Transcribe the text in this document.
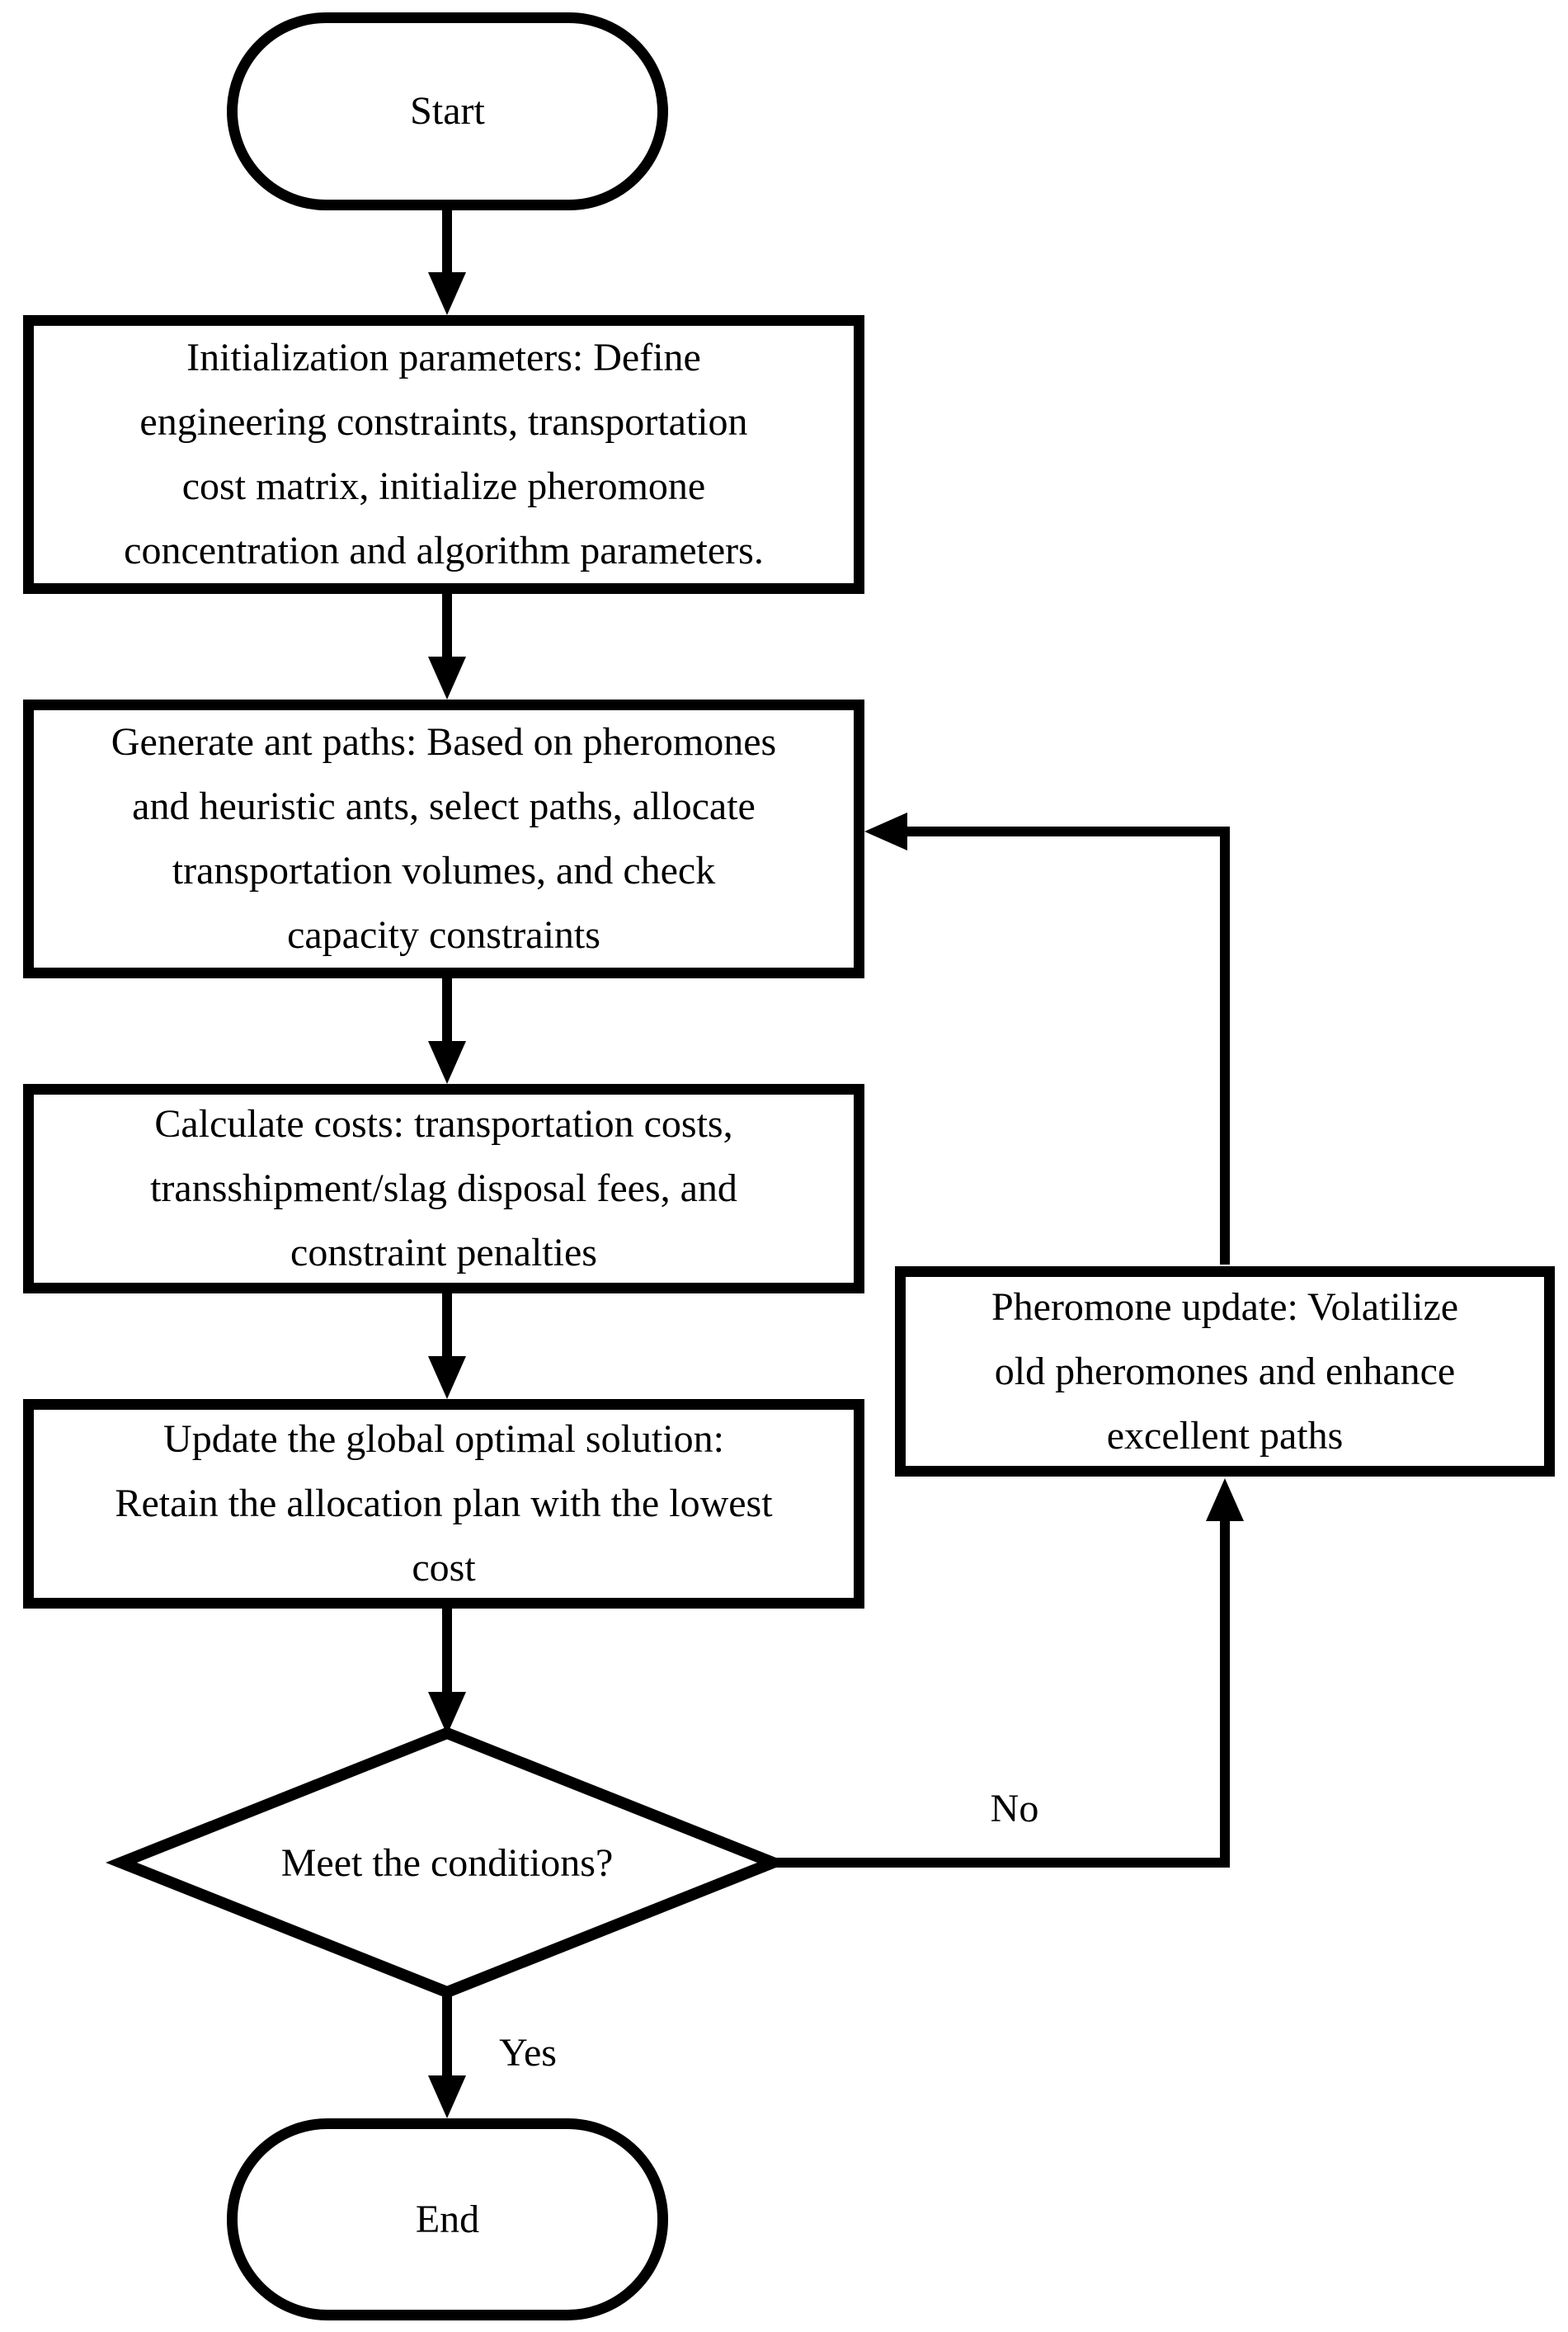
Start
Initialization parameters: Define
engineering constraints, transportation
cost matrix, initialize pheromone
concentration and algorithm parameters.
Generate ant paths: Based on pheromones
and heuristic ants, select paths, allocate
transportation volumes, and check
capacity constraints
Calculate costs: transportation costs,
transshipment/slag disposal fees, and
constraint penalties
Update the global optimal solution:
Retain the allocation plan with the lowest
cost
Pheromone update: Volatilize
old pheromones and enhance
excellent paths
Meet the conditions?
End
Yes
No
